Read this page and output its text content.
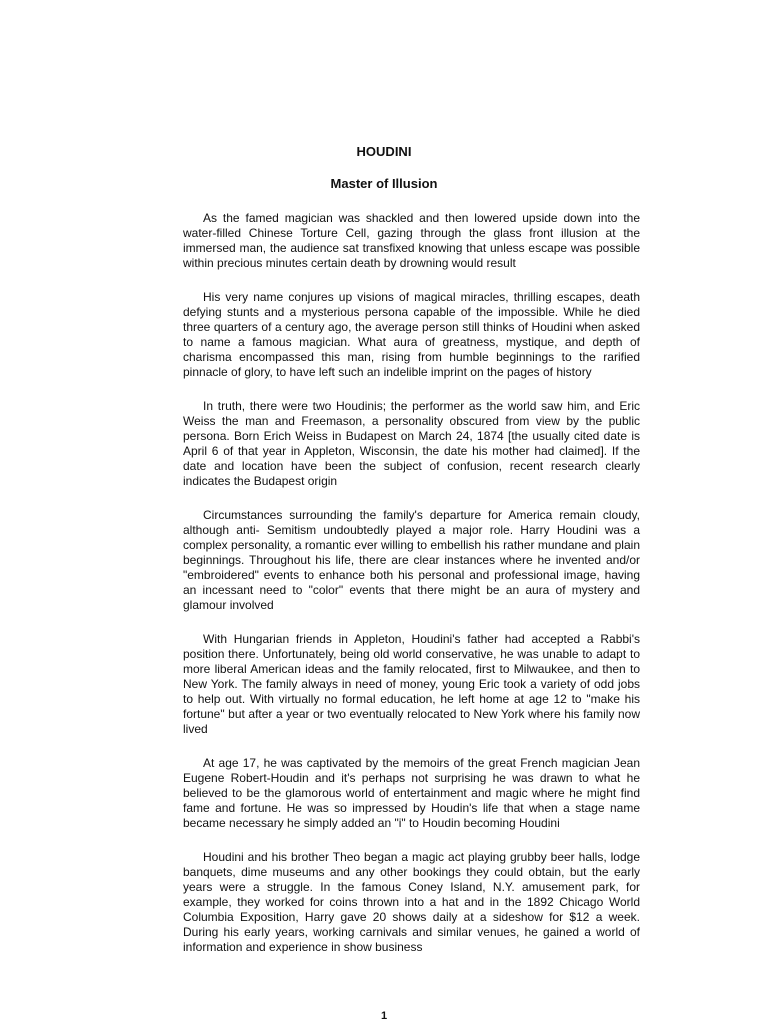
HOUDINI
Master of Illusion

As the famed magician was shackled and then lowered upside down into the water-filled Chinese Torture Cell, gazing through the glass front illusion at the immersed man, the audience sat transfixed knowing that unless escape was possible within precious minutes certain death by drowning would result

His very name conjures up visions of magical miracles, thrilling escapes, death defying stunts and a mysterious persona capable of the impossible. While he died three quarters of a century ago, the average person still thinks of Houdini when asked to name a famous magician. What aura of greatness, mystique, and depth of charisma encompassed this man, rising from humble beginnings to the rarified pinnacle of glory, to have left such an indelible imprint on the pages of history

In truth, there were two Houdinis; the performer as the world saw him, and Eric Weiss the man and Freemason, a personality obscured from view by the public persona. Born Erich Weiss in Budapest on March 24, 1874 [the usually cited date is April 6 of that year in Appleton, Wisconsin, the date his mother had claimed]. If the date and location have been the subject of confusion, recent research clearly indicates the Budapest origin

Circumstances surrounding the family's departure for America remain cloudy, although anti- Semitism undoubtedly played a major role. Harry Houdini was a complex personality, a romantic ever willing to embellish his rather mundane and plain beginnings. Throughout his life, there are clear instances where he invented and/or "embroidered" events to enhance both his personal and professional image, having an incessant need to "color" events that there might be an aura of mystery and glamour involved

With Hungarian friends in Appleton, Houdini's father had accepted a Rabbi's position there. Unfortunately, being old world conservative, he was unable to adapt to more liberal American ideas and the family relocated, first to Milwaukee, and then to New York. The family always in need of money, young Eric took a variety of odd jobs to help out. With virtually no formal education, he left home at age 12 to "make his fortune" but after a year or two eventually relocated to New York where his family now lived

At age 17, he was captivated by the memoirs of the great French magician Jean Eugene Robert-Houdin and it's perhaps not surprising he was drawn to what he believed to be the glamorous world of entertainment and magic where he might find fame and fortune. He was so impressed by Houdin's life that when a stage name became necessary he simply added an "i" to Houdin becoming Houdini

Houdini and his brother Theo began a magic act playing grubby beer halls, lodge banquets, dime museums and any other bookings they could obtain, but the early years were a struggle. In the famous Coney Island, N.Y. amusement park, for example, they worked for coins thrown into a hat and in the 1892 Chicago World Columbia Exposition, Harry gave 20 shows daily at a sideshow for $12 a week. During his early years, working carnivals and similar venues, he gained a world of information and experience in show business

1
